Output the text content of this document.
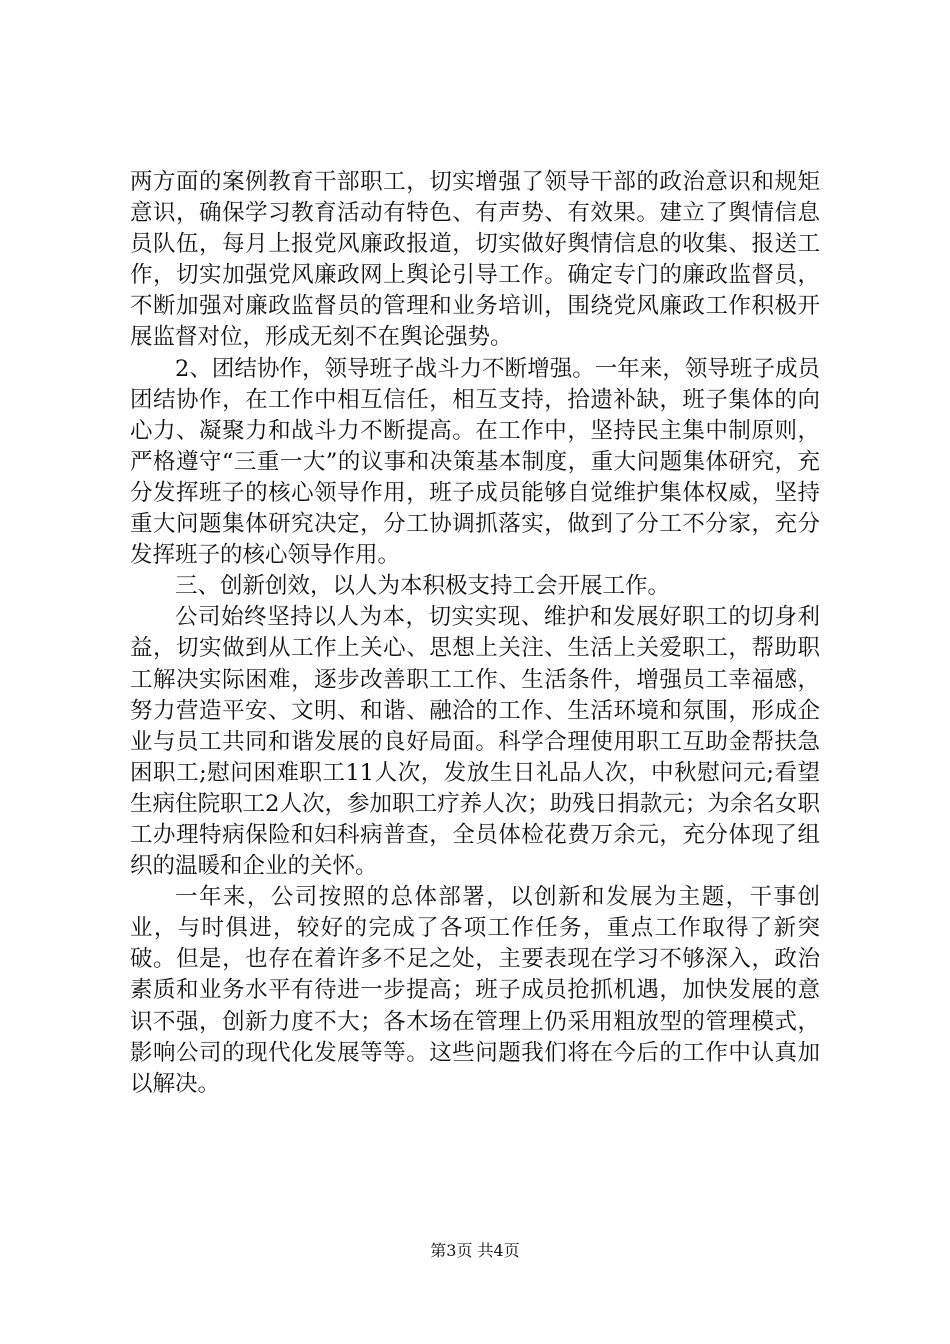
两方面的案例教育干部职工，切实增强了领导干部的政治意识和规矩意识，确保学习教育活动有特色、有声势、有效果。建立了舆情信息员队伍，每月上报党风廉政报道，切实做好舆情信息的收集、报送工作，切实加强党风廉政网上舆论引导工作。确定专门的廉政监督员，不断加强对廉政监督员的管理和业务培训，围绕党风廉政工作积极开展监督对位，形成无刻不在舆论强势。

2、团结协作，领导班子战斗力不断增强。一年来，领导班子成员团结协作，在工作中相互信任，相互支持，拾遗补缺，班子集体的向心力、凝聚力和战斗力不断提高。在工作中，坚持民主集中制原则，严格遵守“三重一大”的议事和决策基本制度，重大问题集体研究，充分发挥班子的核心领导作用，班子成员能够自觉维护集体权威，坚持重大问题集体研究决定，分工协调抓落实，做到了分工不分家，充分发挥班子的核心领导作用。

三、创新创效，以人为本积极支持工会开展工作。

公司始终坚持以人为本，切实实现、维护和发展好职工的切身利益，切实做到从工作上关心、思想上关注、生活上关爱职工，帮助职工解决实际困难，逐步改善职工工作、生活条件，增强员工幸福感，努力营造平安、文明、和谐、融洽的工作、生活环境和氛围，形成企业与员工共同和谐发展的良好局面。科学合理使用职工互助金帮扶急困职工;慰问困难职工11人次，发放生日礼品人次，中秋慰问元;看望生病住院职工2人次，参加职工疗养人次；助残日捐款元；为余名女职工办理特病保险和妇科病普查，全员体检花费万余元，充分体现了组织的温暖和企业的关怀。

一年来，公司按照的总体部署，以创新和发展为主题，干事创业，与时俱进，较好的完成了各项工作任务，重点工作取得了新突破。但是，也存在着许多不足之处，主要表现在学习不够深入，政治素质和业务水平有待进一步提高；班子成员抢抓机遇，加快发展的意识不强，创新力度不大；各木场在管理上仍采用粗放型的管理模式，影响公司的现代化发展等等。这些问题我们将在今后的工作中认真加以解决。

第3页 共4页
